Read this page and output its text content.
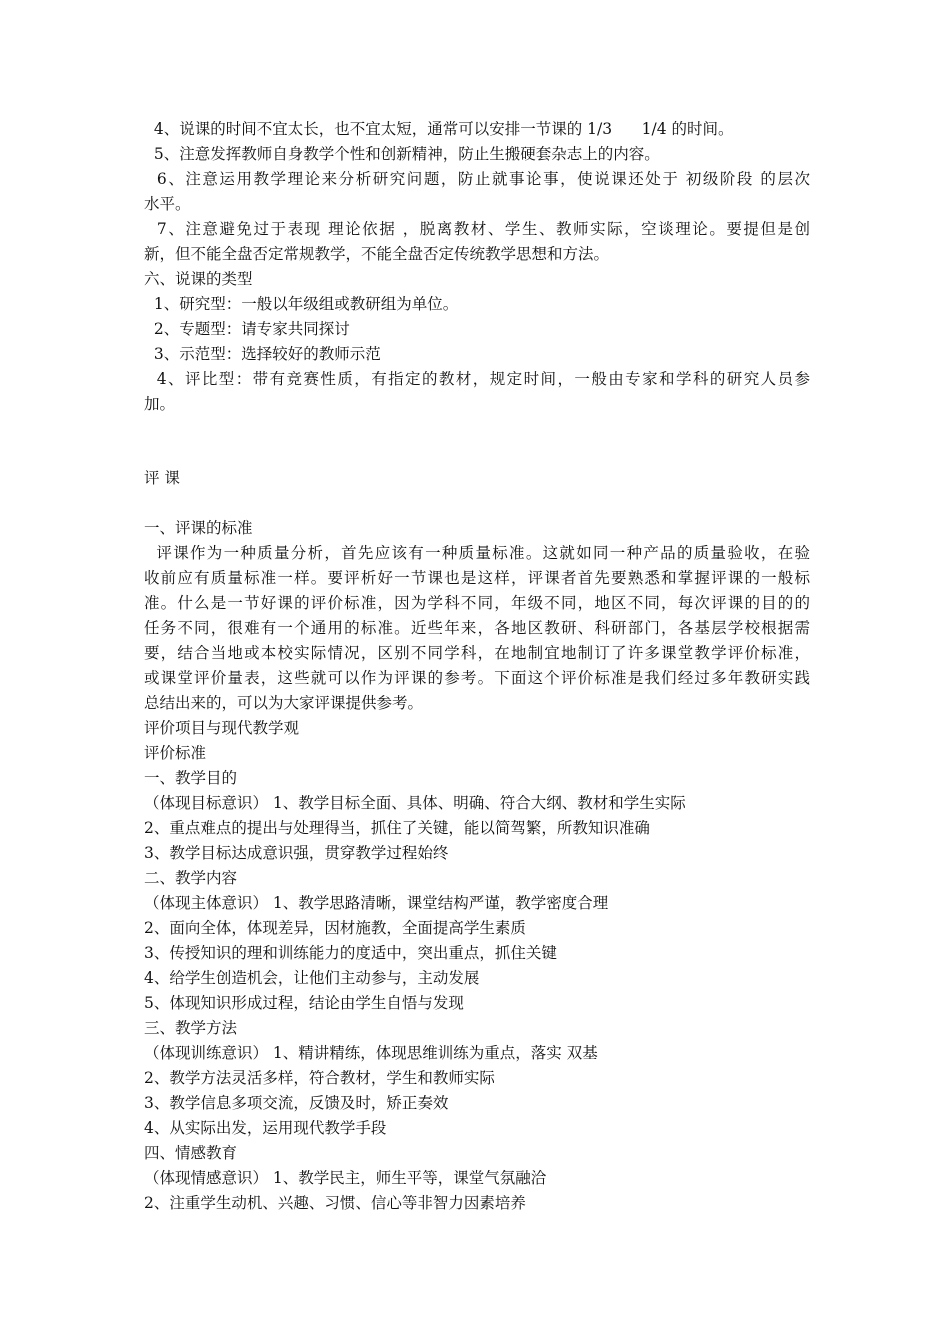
4、说课的时间不宜太长，也不宜太短，通常可以安排一节课的 1/3      1/4 的时间。
5、注意发挥教师自身教学个性和创新精神，防止生搬硬套杂志上的内容。
6、注意运用教学理论来分析研究问题，防止就事论事，使说课还处于 初级阶段 的层次
水平。
7、注意避免过于表现 理论依据 ，脱离教材、学生、教师实际，空谈理论。要提但是创
新，但不能全盘否定常规教学，不能全盘否定传统教学思想和方法。
六、说课的类型
1、研究型：一般以年级组或教研组为单位。
2、专题型：请专家共同探讨
3、示范型：选择较好的教师示范
4、评比型：带有竞赛性质，有指定的教材，规定时间，一般由专家和学科的研究人员参
加。
评 课
一、评课的标准
评课作为一种质量分析，首先应该有一种质量标准。这就如同一种产品的质量验收，在验
收前应有质量标准一样。要评析好一节课也是这样，评课者首先要熟悉和掌握评课的一般标
准。什么是一节好课的评价标准，因为学科不同，年级不同，地区不同，每次评课的目的的
任务不同，很难有一个通用的标准。近些年来，各地区教研、科研部门，各基层学校根据需
要，结合当地或本校实际情况，区别不同学科，在地制宜地制订了许多课堂教学评价标准，
或课堂评价量表，这些就可以作为评课的参考。下面这个评价标准是我们经过多年教研实践
总结出来的，可以为大家评课提供参考。
评价项目与现代教学观
评价标准
一、教学目的
（体现目标意识） 1、教学目标全面、具体、明确、符合大纲、教材和学生实际
2、重点难点的提出与处理得当，抓住了关键，能以简驾繁，所教知识准确
3、教学目标达成意识强，贯穿教学过程始终
二、教学内容
（体现主体意识） 1、教学思路清晰，课堂结构严谨，教学密度合理
2、面向全体，体现差异，因材施教，全面提高学生素质
3、传授知识的理和训练能力的度适中，突出重点，抓住关键
4、给学生创造机会，让他们主动参与，主动发展
5、体现知识形成过程，结论由学生自悟与发现
三、教学方法
（体现训练意识） 1、精讲精练，体现思维训练为重点，落实 双基
2、教学方法灵活多样，符合教材，学生和教师实际
3、教学信息多项交流，反馈及时，矫正奏效
4、从实际出发，运用现代教学手段
四、情感教育
（体现情感意识） 1、教学民主，师生平等，课堂气氛融洽
2、注重学生动机、兴趣、习惯、信心等非智力因素培养
